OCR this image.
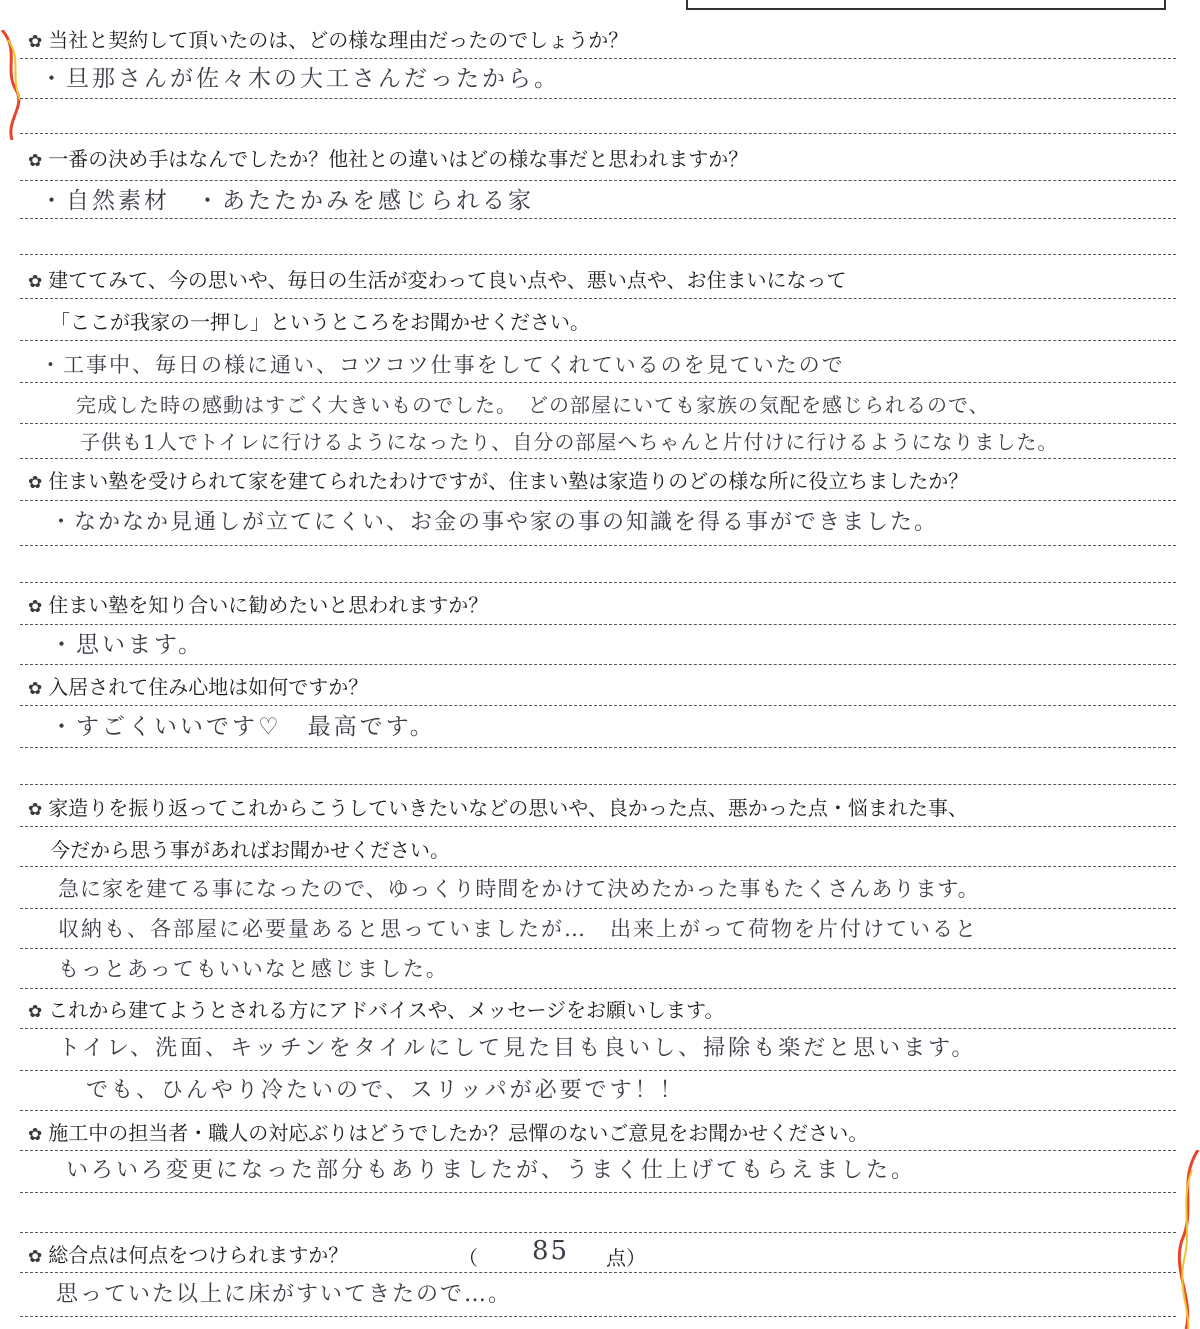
✿ 当社と契約して頂いたのは、どの様な理由だったのでしょうか？
・旦那さんが佐々木の大工さんだったから。
✿ 一番の決め手はなんでしたか？他社との違いはどの様な事だと思われますか？
・自然素材　・あたたかみを感じられる家
✿ 建ててみて、今の思いや、毎日の生活が変わって良い点や、悪い点や、お住まいになって
「ここが我家の一押し」というところをお聞かせください。
・工事中、毎日の様に通い、コツコツ仕事をしてくれているのを見ていたので
完成した時の感動はすごく大きいものでした。　どの部屋にいても家族の気配を感じられるので、
子供も1人でトイレに行けるようになったり、自分の部屋へちゃんと片付けに行けるようになりました。
✿ 住まい塾を受けられて家を建てられたわけですが、住まい塾は家造りのどの様な所に役立ちましたか？
・なかなか見通しが立てにくい、お金の事や家の事の知識を得る事ができました。
✿ 住まい塾を知り合いに勧めたいと思われますか？
・思います。
✿ 入居されて住み心地は如何ですか？
・すごくいいです♡　最高です。
✿ 家造りを振り返ってこれからこうしていきたいなどの思いや、良かった点、悪かった点・悩まれた事、
今だから思う事があればお聞かせください。
急に家を建てる事になったので、ゆっくり時間をかけて決めたかった事もたくさんあります。
収納も、各部屋に必要量あると思っていましたが…　出来上がって荷物を片付けていると
もっとあってもいいなと感じました。
✿ これから建てようとされる方にアドバイスや、メッセージをお願いします。
トイレ、洗面、キッチンをタイルにして見た目も良いし、掃除も楽だと思います。
でも、ひんやり冷たいので、スリッパが必要です！！
✿ 施工中の担当者・職人の対応ぶりはどうでしたか？忌憚のないご意見をお聞かせください。
いろいろ変更になった部分もありましたが、うまく仕上げてもらえました。
✿ 総合点は何点をつけられますか？	（ 85 点）
思っていた以上に床がすいてきたので…。
